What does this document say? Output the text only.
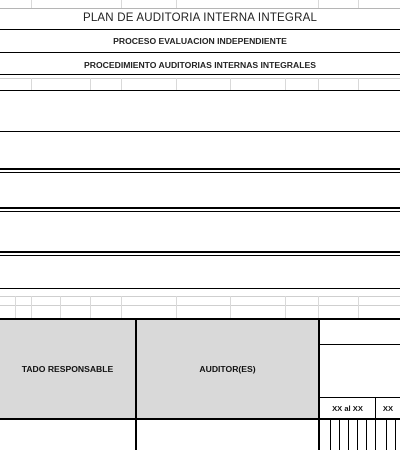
PLAN DE AUDITORIA INTERNA INTEGRAL
PROCESO EVALUACION INDEPENDIENTE
PROCEDIMIENTO AUDITORIAS INTERNAS INTEGRALES
TADO RESPONSABLE	AUDITOR(ES)
XX al XX	XX
